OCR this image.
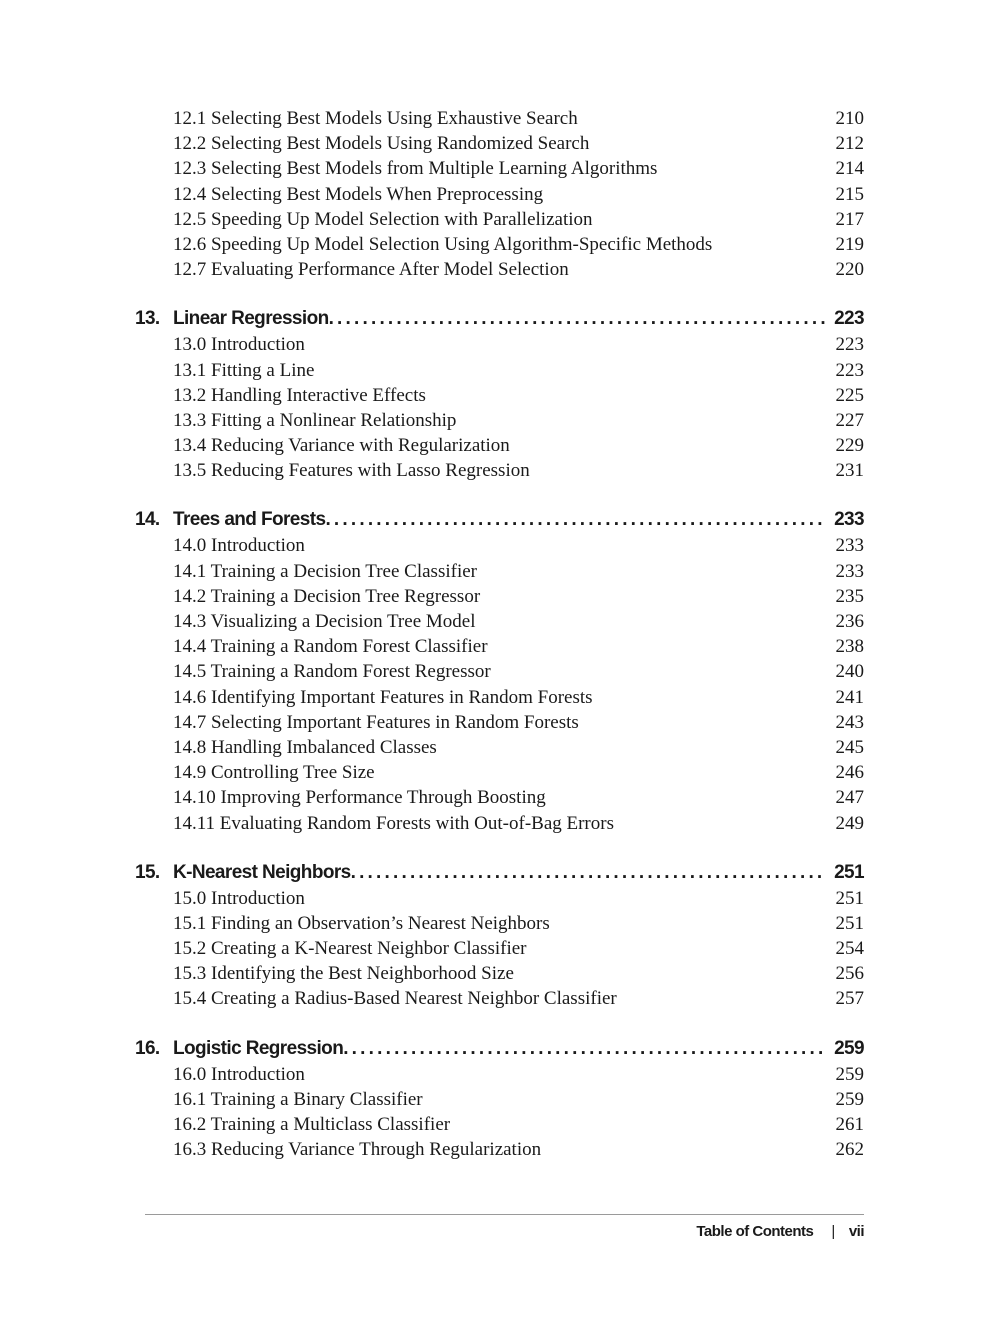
12.1 Selecting Best Models Using Exhaustive Search	210
12.2 Selecting Best Models Using Randomized Search	212
12.3 Selecting Best Models from Multiple Learning Algorithms	214
12.4 Selecting Best Models When Preprocessing	215
12.5 Speeding Up Model Selection with Parallelization	217
12.6 Speeding Up Model Selection Using Algorithm-Specific Methods	219
12.7 Evaluating Performance After Model Selection	220
13. Linear Regression .....	223
13.0 Introduction	223
13.1 Fitting a Line	223
13.2 Handling Interactive Effects	225
13.3 Fitting a Nonlinear Relationship	227
13.4 Reducing Variance with Regularization	229
13.5 Reducing Features with Lasso Regression	231
14. Trees and Forests .....	233
14.0 Introduction	233
14.1 Training a Decision Tree Classifier	233
14.2 Training a Decision Tree Regressor	235
14.3 Visualizing a Decision Tree Model	236
14.4 Training a Random Forest Classifier	238
14.5 Training a Random Forest Regressor	240
14.6 Identifying Important Features in Random Forests	241
14.7 Selecting Important Features in Random Forests	243
14.8 Handling Imbalanced Classes	245
14.9 Controlling Tree Size	246
14.10 Improving Performance Through Boosting	247
14.11 Evaluating Random Forests with Out-of-Bag Errors	249
15. K-Nearest Neighbors .....	251
15.0 Introduction	251
15.1 Finding an Observation’s Nearest Neighbors	251
15.2 Creating a K-Nearest Neighbor Classifier	254
15.3 Identifying the Best Neighborhood Size	256
15.4 Creating a Radius-Based Nearest Neighbor Classifier	257
16. Logistic Regression .....	259
16.0 Introduction	259
16.1 Training a Binary Classifier	259
16.2 Training a Multiclass Classifier	261
16.3 Reducing Variance Through Regularization	262
Table of Contents | vii
